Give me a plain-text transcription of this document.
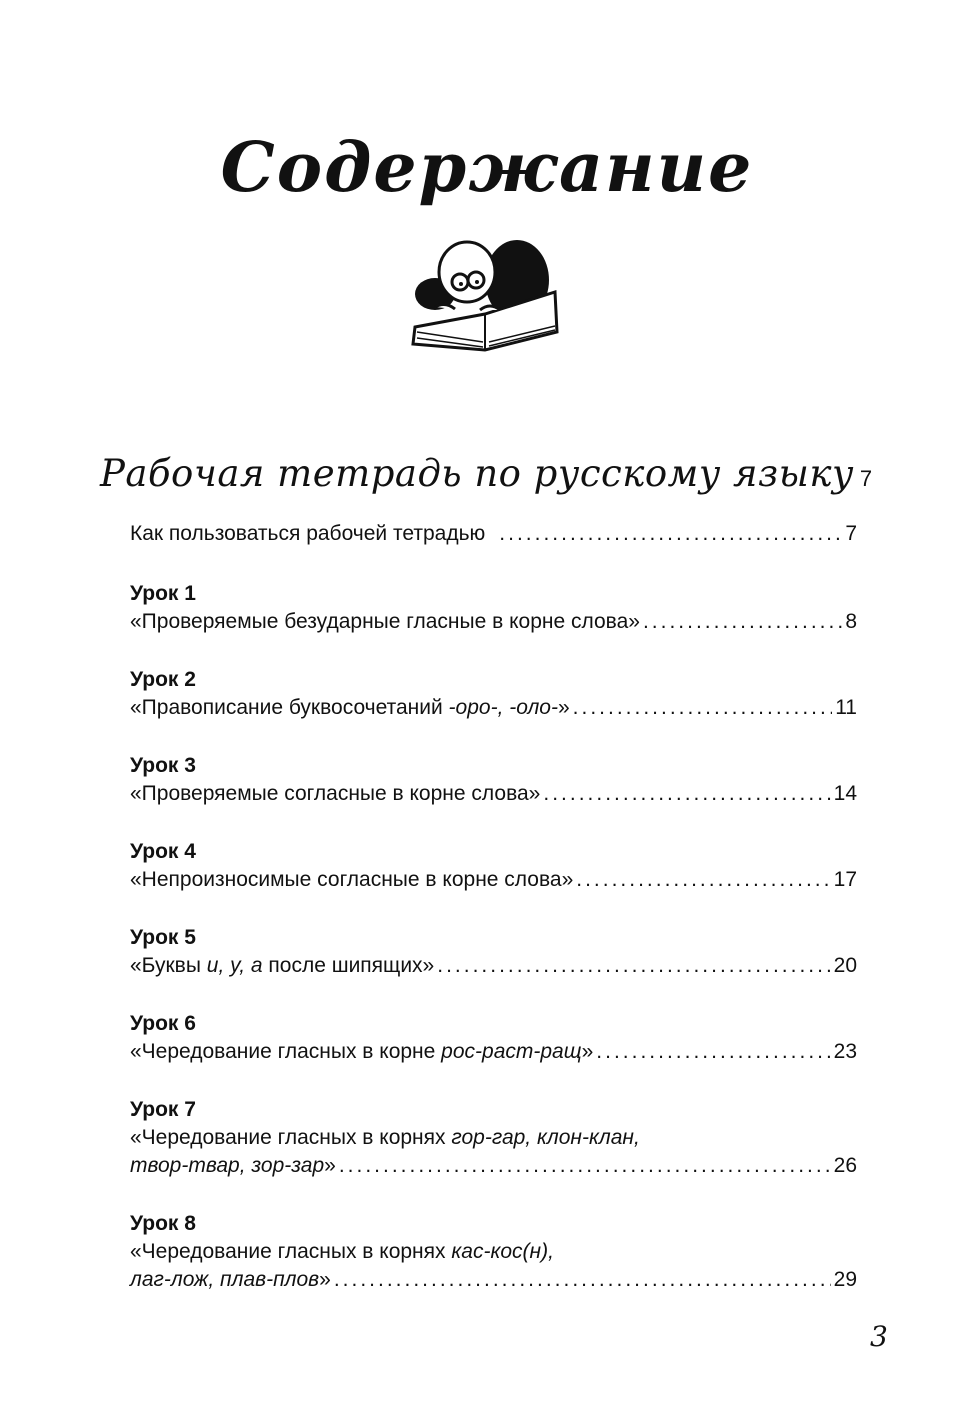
Содержание
Рабочая тетрадь по русскому языку 7
Как пользоваться рабочей тетрадью .....	7
Урок 1
«Проверяемые безударные гласные в корне слова» .....	8
Урок 2
«Правописание буквосочетаний -оро-, -оло-» .....	11
Урок 3
«Проверяемые согласные в корне слова» .....	14
Урок 4
«Непроизносимые согласные в корне слова» .....	17
Урок 5
«Буквы и, у, а после шипящих» .....	20
Урок 6
«Чередование гласных в корне рос-раст-ращ» .....	23
Урок 7
«Чередование гласных в корнях гор-гар, клон-клан,
твор-твар, зор-зар» .....	26
Урок 8
«Чередование гласных в корнях кас-кос(н),
лаг-лож, плав-плов» .....	29
3
